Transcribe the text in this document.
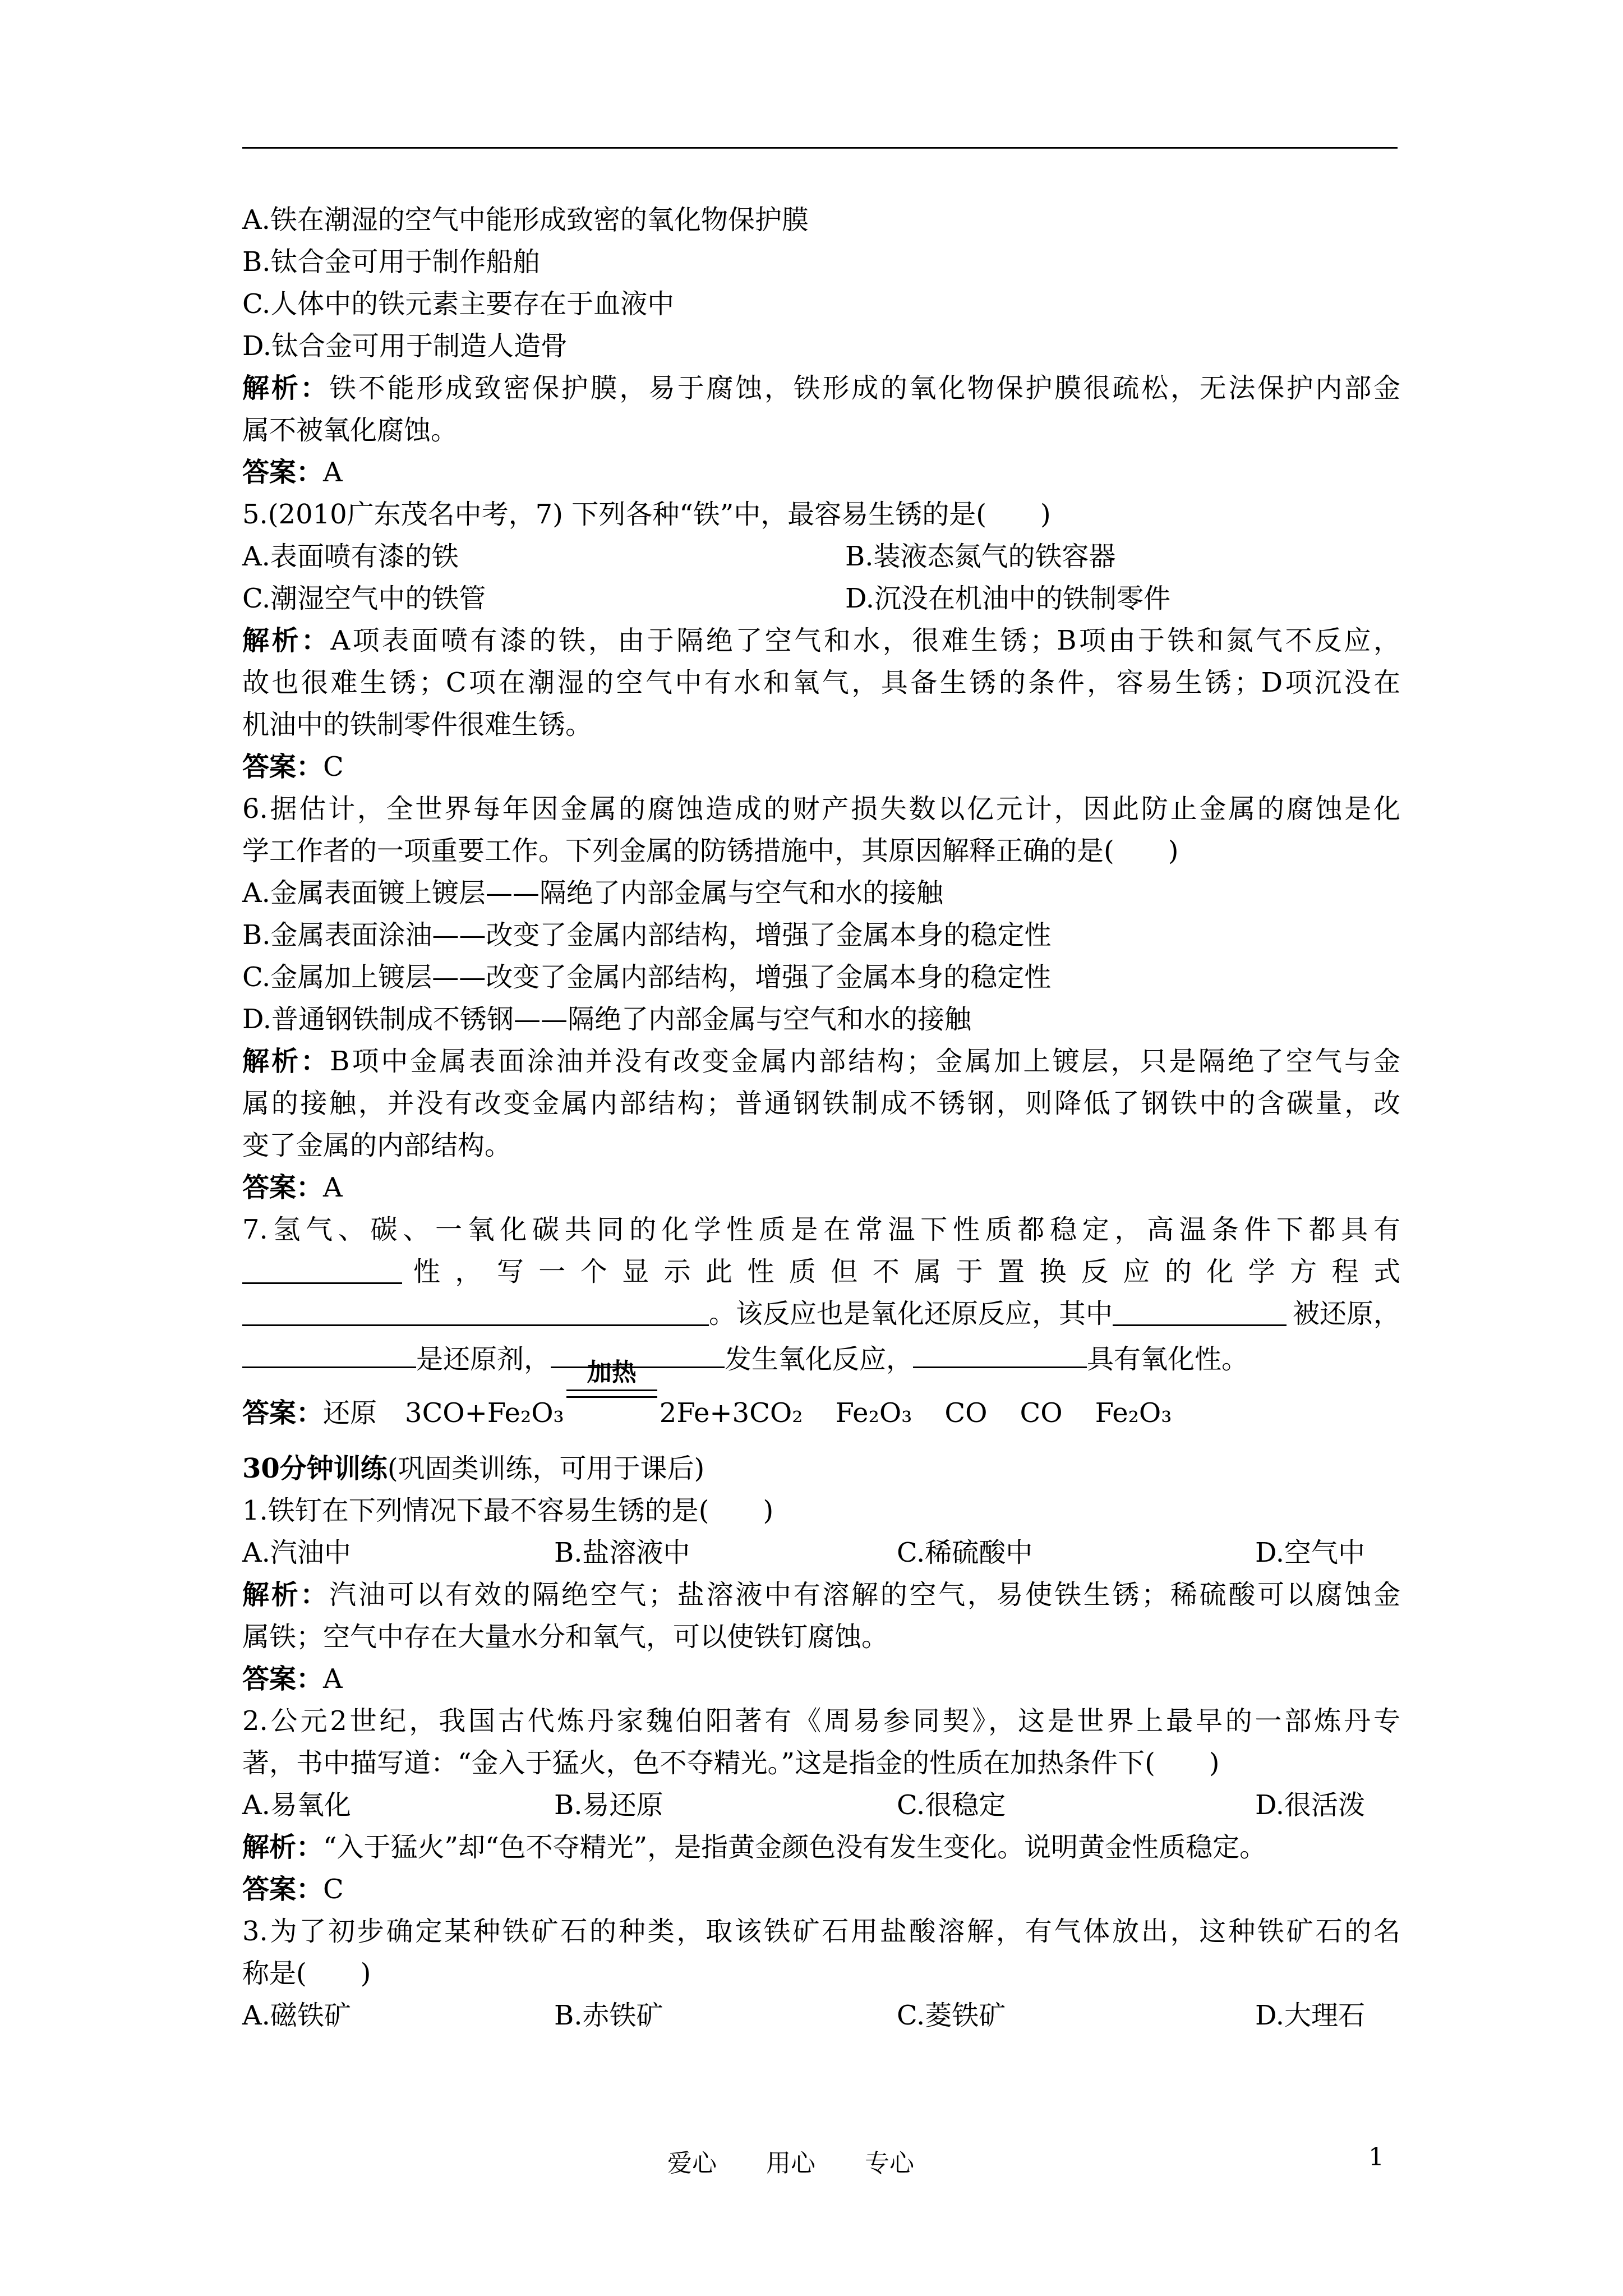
A.铁在潮湿的空气中能形成致密的氧化物保护膜
B.钛合金可用于制作船舶
C.人体中的铁元素主要存在于血液中
D.钛合金可用于制造人造骨
解析：铁不能形成致密保护膜，易于腐蚀，铁形成的氧化物保护膜很疏松，无法保护内部金
属不被氧化腐蚀。
答案：A
5.(2010广东茂名中考，7) 下列各种“铁”中，最容易生锈的是(　　)
A.表面喷有漆的铁	B.装液态氮气的铁容器
C.潮湿空气中的铁管	D.沉没在机油中的铁制零件
解析：A项表面喷有漆的铁，由于隔绝了空气和水，很难生锈；B项由于铁和氮气不反应，
故也很难生锈；C项在潮湿的空气中有水和氧气，具备生锈的条件，容易生锈；D项沉没在
机油中的铁制零件很难生锈。
答案：C
6.据估计，全世界每年因金属的腐蚀造成的财产损失数以亿元计，因此防止金属的腐蚀是化
学工作者的一项重要工作。下列金属的防锈措施中，其原因解释正确的是(　　)
A.金属表面镀上镀层——隔绝了内部金属与空气和水的接触
B.金属表面涂油——改变了金属内部结构，增强了金属本身的稳定性
C.金属加上镀层——改变了金属内部结构，增强了金属本身的稳定性
D.普通钢铁制成不锈钢——隔绝了内部金属与空气和水的接触
解析：B项中金属表面涂油并没有改变金属内部结构；金属加上镀层，只是隔绝了空气与金
属的接触，并没有改变金属内部结构；普通钢铁制成不锈钢，则降低了钢铁中的含碳量，改
变了金属的内部结构。
答案：A
7.氢气、碳、一氧化碳共同的化学性质是在常温下性质都稳定，高温条件下都具有
性，写一个显示此性质但不属于置换反应的化学方程式
。该反应也是氧化还原反应，其中	被还原，
是还原剂，	发生氧化反应，	具有氧化性。
答案：还原 3CO+Fe₂O₃
加热
2Fe+3CO₂ Fe₂O₃ CO CO Fe₂O₃
30分钟训练(巩固类训练，可用于课后)
1.铁钉在下列情况下最不容易生锈的是(　　)
A.汽油中	B.盐溶液中	C.稀硫酸中	D.空气中
解析：汽油可以有效的隔绝空气；盐溶液中有溶解的空气，易使铁生锈；稀硫酸可以腐蚀金
属铁；空气中存在大量水分和氧气，可以使铁钉腐蚀。
答案：A
2.公元2世纪，我国古代炼丹家魏伯阳著有《周易参同契》，这是世界上最早的一部炼丹专
著，书中描写道：“金入于猛火，色不夺精光。”这是指金的性质在加热条件下(　　)
A.易氧化	B.易还原	C.很稳定	D.很活泼
解析：“入于猛火”却“色不夺精光”，是指黄金颜色没有发生变化。说明黄金性质稳定。
答案：C
3.为了初步确定某种铁矿石的种类，取该铁矿石用盐酸溶解，有气体放出，这种铁矿石的名
称是(　　)
A.磁铁矿	B.赤铁矿	C.菱铁矿	D.大理石
爱心　　用心　　专心	1
